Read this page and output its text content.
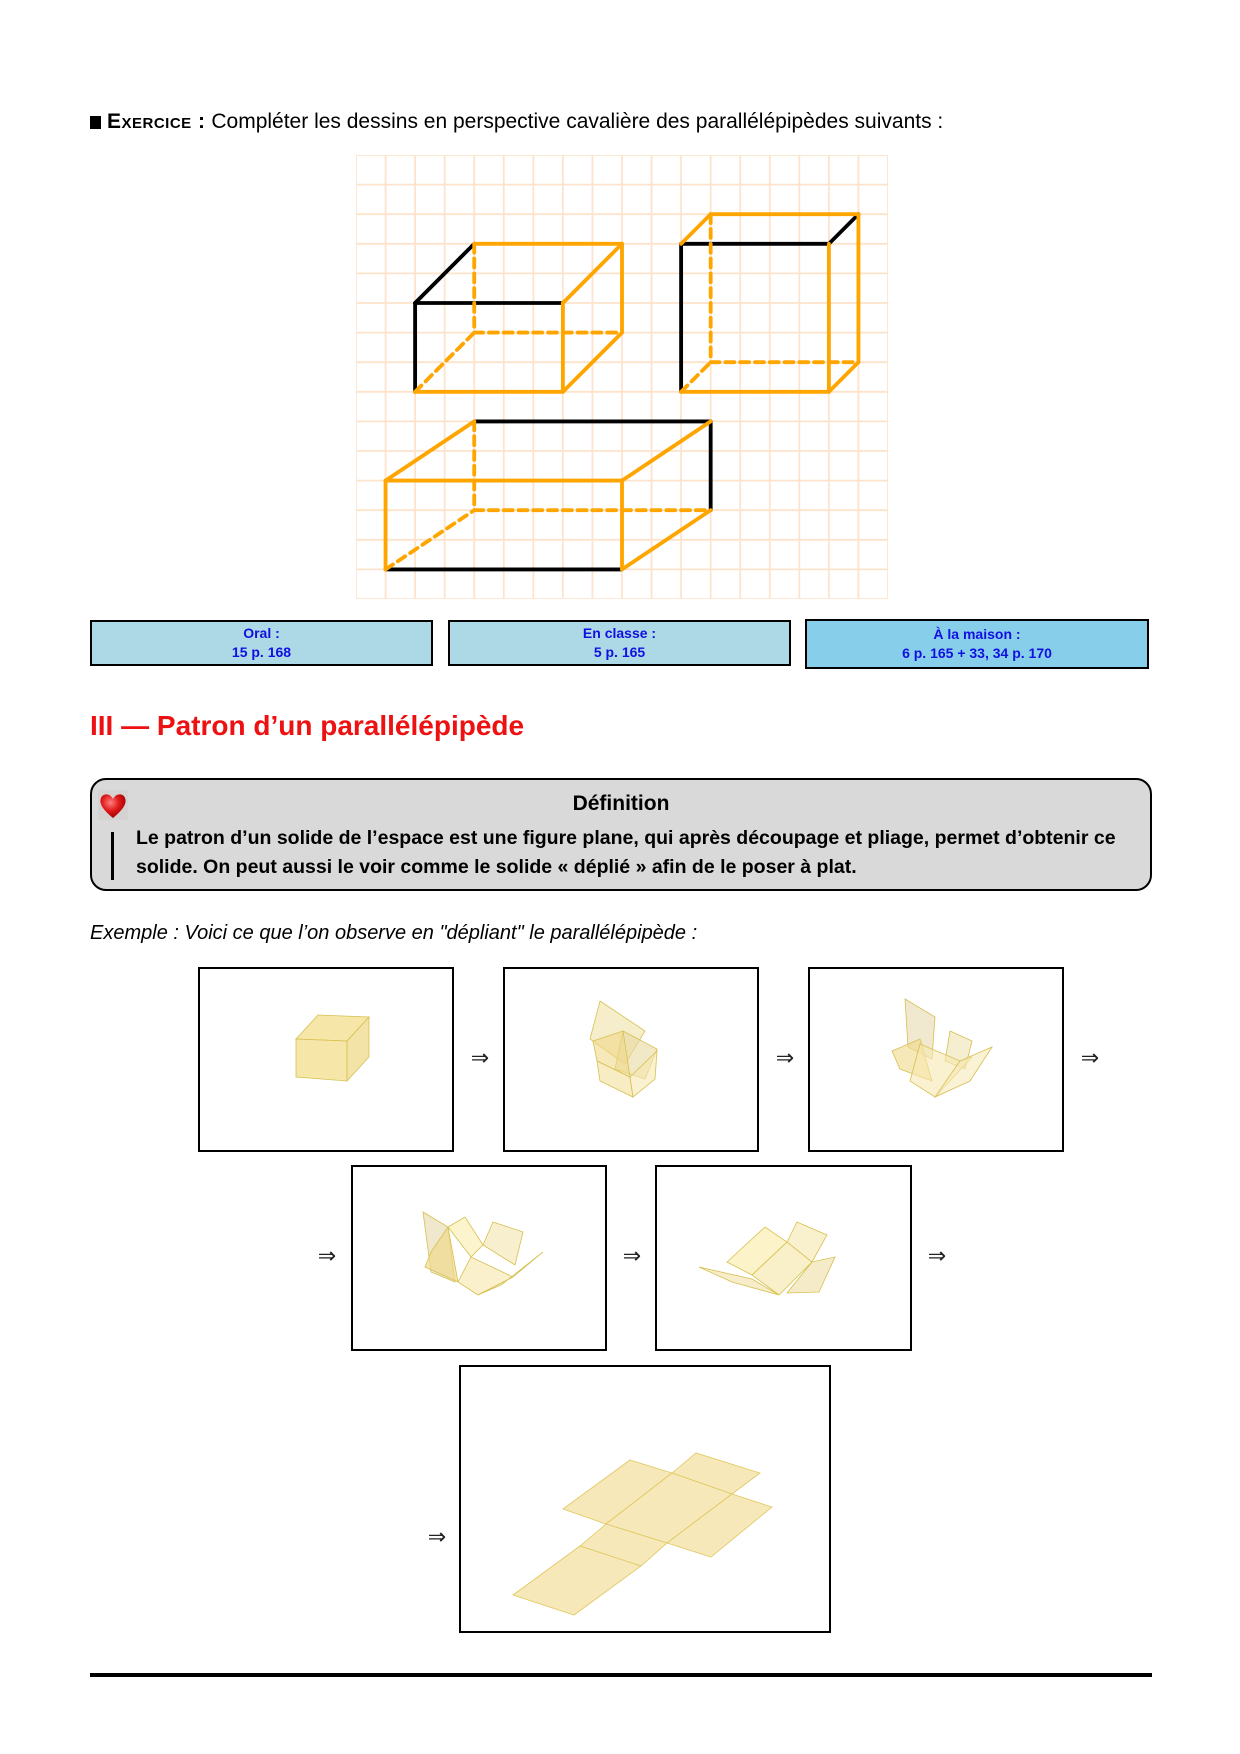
Exercice : Compléter les dessins en perspective cavalière des parallélépipèdes suivants :
Oral :
15 p. 168
En classe :
5 p. 165
À la maison :
6 p. 165 + 33, 34 p. 170
III — Patron d’un parallélépipède
Définition
Le patron d’un solide de l’espace est une figure plane, qui après découpage et pliage, permet d’obtenir ce solide. On peut aussi le voir comme le solide « déplié » afin de le poser à plat.
Exemple : Voici ce que l’on observe en "dépliant" le parallélépipède :
⇒	⇒	⇒
⇒	⇒	⇒
⇒
